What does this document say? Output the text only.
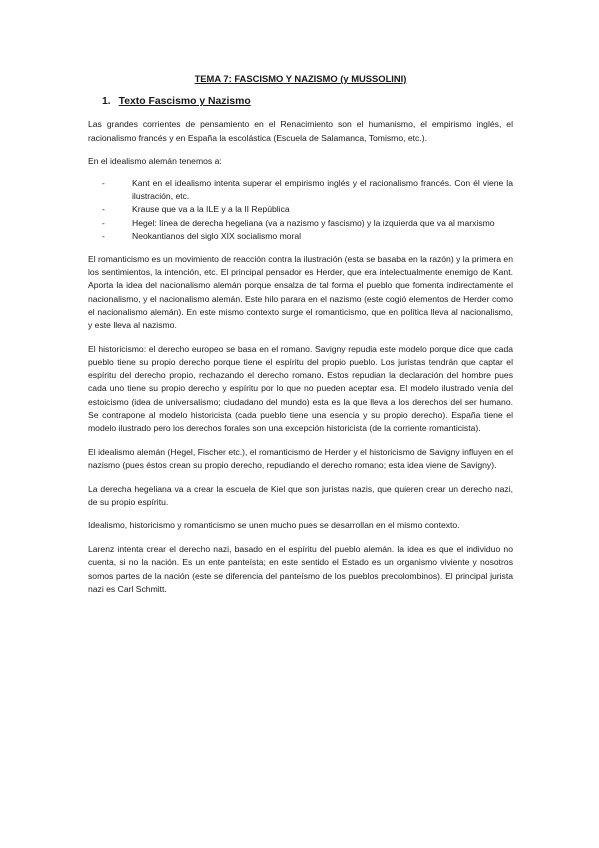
TEMA 7: FASCISMO Y NAZISMO (y MUSSOLINI)
1. Texto Fascismo y Nazismo

Las grandes corrientes de pensamiento en el Renacimiento son el humanismo, el empirismo inglés, el racionalismo francés y en España la escolástica (Escuela de Salamanca, Tomismo, etc.).

En el idealismo alemán tenemos a:

-	Kant en el idealismo intenta superar el empirismo inglés y el racionalismo francés. Con él viene la ilustración, etc.
-	Krause que va a la ILE y a la II República
-	Hegel: línea de derecha hegeliana (va a nazismo y fascismo) y la izquierda que va al marxismo
-	Neokantianos del siglo XIX socialismo moral

El romanticismo es un movimiento de reacción contra la ilustración (esta se basaba en la razón) y la primera en los sentimientos, la intención, etc. El principal pensador es Herder, que era intelectualmente enemigo de Kant. Aporta la idea del nacionalismo alemán porque ensalza de tal forma el pueblo que fomenta indirectamente el nacionalismo, y el nacionalismo alemán. Este hilo parara en el nazismo (este cogió elementos de Herder como el nacionalismo alemán). En este mismo contexto surge el romanticismo, que en política lleva al nacionalismo, y este lleva al nazismo.

El historicismo: el derecho europeo se basa en el romano. Savigny repudia este modelo porque dice que cada pueblo tiene su propio derecho porque tiene el espíritu del propio pueblo. Los juristas tendrán que captar el espíritu del derecho propio, rechazando el derecho romano. Estos repudian la declaración del hombre pues cada uno tiene su propio derecho y espíritu por lo que no pueden aceptar esa. El modelo ilustrado venía del estoicismo (idea de universalismo; ciudadano del mundo) esta es la que lleva a los derechos del ser humano. Se contrapone al modelo historicista (cada pueblo tiene una esencia y su propio derecho). España tiene el modelo ilustrado pero los derechos forales son una excepción historicista (de la corriente romanticista).

El idealismo alemán (Hegel, Fischer etc.), el romanticismo de Herder y el historicismo de Savigny influyen en el nazismo (pues éstos crean su propio derecho, repudiando el derecho romano; esta idea viene de Savigny).

La derecha hegeliana va a crear la escuela de Kiel que son juristas nazis, que quieren crear un derecho nazi, de su propio espíritu.

Idealismo, historicismo y romanticismo se unen mucho pues se desarrollan en el mismo contexto.

Larenz intenta crear el derecho nazi, basado en el espíritu del pueblo alemán. la idea es que el individuo no cuenta, si no la nación. Es un ente panteísta; en este sentido el Estado es un organismo viviente y nosotros somos partes de la nación (este se diferencia del panteísmo de los pueblos precolombinos). El principal jurista nazi es Carl Schmitt.
